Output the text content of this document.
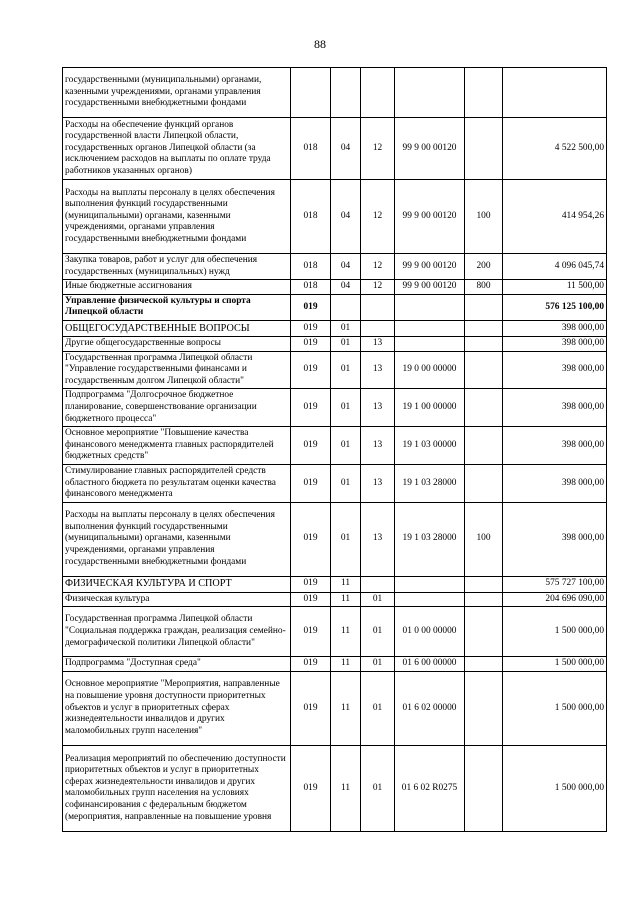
88
государственными (муниципальными) органами, казенными учреждениями, органами управления государственными внебюджетными фондами						
Расходы на обеспечение функций органов государственной власти Липецкой области, государственных органов Липецкой области (за исключением расходов на выплаты по оплате труда работников указанных органов)	018	04	12	99 9 00 00120		4 522 500,00
Расходы на выплаты персоналу в целях обеспечения выполнения функций государственными (муниципальными) органами, казенными учреждениями, органами управления государственными внебюджетными фондами	018	04	12	99 9 00 00120	100	414 954,26
Закупка товаров, работ и услуг для обеспечения государственных (муниципальных) нужд	018	04	12	99 9 00 00120	200	4 096 045,74
Иные бюджетные ассигнования	018	04	12	99 9 00 00120	800	11 500,00
Управление физической культуры и спорта Липецкой области	019					576 125 100,00
ОБЩЕГОСУДАРСТВЕННЫЕ ВОПРОСЫ	019	01				398 000,00
Другие общегосударственные вопросы	019	01	13			398 000,00
Государственная программа Липецкой области "Управление государственными финансами и государственным долгом Липецкой области"	019	01	13	19 0 00 00000		398 000,00
Подпрограмма "Долгосрочное бюджетное планирование, совершенствование организации бюджетного процесса"	019	01	13	19 1 00 00000		398 000,00
Основное мероприятие "Повышение качества финансового менеджмента главных распорядителей бюджетных средств"	019	01	13	19 1 03 00000		398 000,00
Стимулирование главных распорядителей средств областного бюджета по результатам оценки качества финансового менеджмента	019	01	13	19 1 03 28000		398 000,00
Расходы на выплаты персоналу в целях обеспечения выполнения функций государственными (муниципальными) органами, казенными учреждениями, органами управления государственными внебюджетными фондами	019	01	13	19 1 03 28000	100	398 000,00
ФИЗИЧЕСКАЯ КУЛЬТУРА И СПОРТ	019	11				575 727 100,00
Физическая культура	019	11	01			204 696 090,00
Государственная программа Липецкой области "Социальная поддержка граждан, реализация семейно-демографической политики Липецкой области"	019	11	01	01 0 00 00000		1 500 000,00
Подпрограмма "Доступная среда"	019	11	01	01 6 00 00000		1 500 000,00
Основное мероприятие "Мероприятия, направленные на повышение уровня доступности приоритетных объектов и услуг в приоритетных сферах жизнедеятельности инвалидов и других маломобильных групп населения"	019	11	01	01 6 02 00000		1 500 000,00
Реализация мероприятий по обеспечению доступности приоритетных объектов и услуг в приоритетных сферах жизнедеятельности инвалидов и других маломобильных групп населения на условиях софинансирования с федеральным бюджетом (мероприятия, направленные на повышение уровня	019	11	01	01 6 02 R0275		1 500 000,00
